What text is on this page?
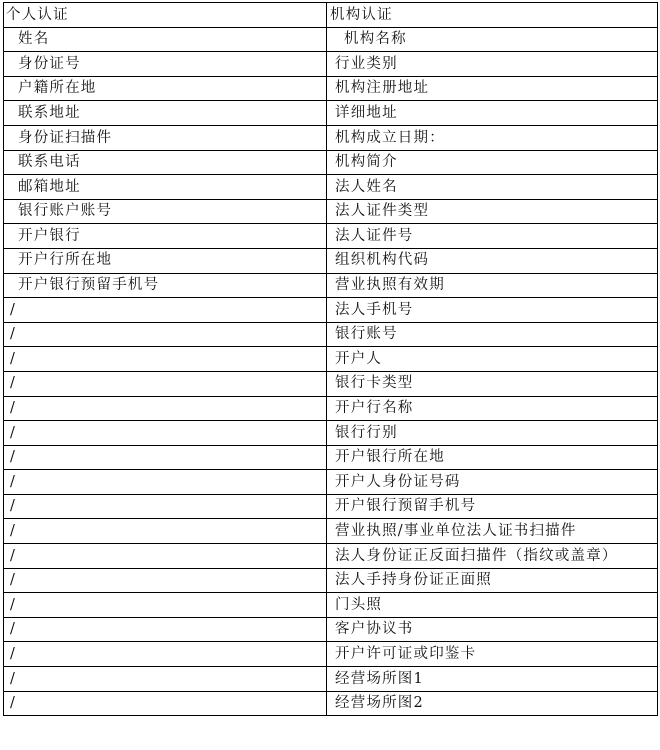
个人认证	机构认证
姓名	机构名称
身份证号	行业类别
户籍所在地	机构注册地址
联系地址	详细地址
身份证扫描件	机构成立日期：
联系电话	机构简介
邮箱地址	法人姓名
银行账户账号	法人证件类型
开户银行	法人证件号
开户行所在地	组织机构代码
开户银行预留手机号	营业执照有效期
/	法人手机号
/	银行账号
/	开户人
/	银行卡类型
/	开户行名称
/	银行行别
/	开户银行所在地
/	开户人身份证号码
/	开户银行预留手机号
/	营业执照/事业单位法人证书扫描件
/	法人身份证正反面扫描件（指纹或盖章）
/	法人手持身份证正面照
/	门头照
/	客户协议书
/	开户许可证或印鉴卡
/	经营场所图1
/	经营场所图2
